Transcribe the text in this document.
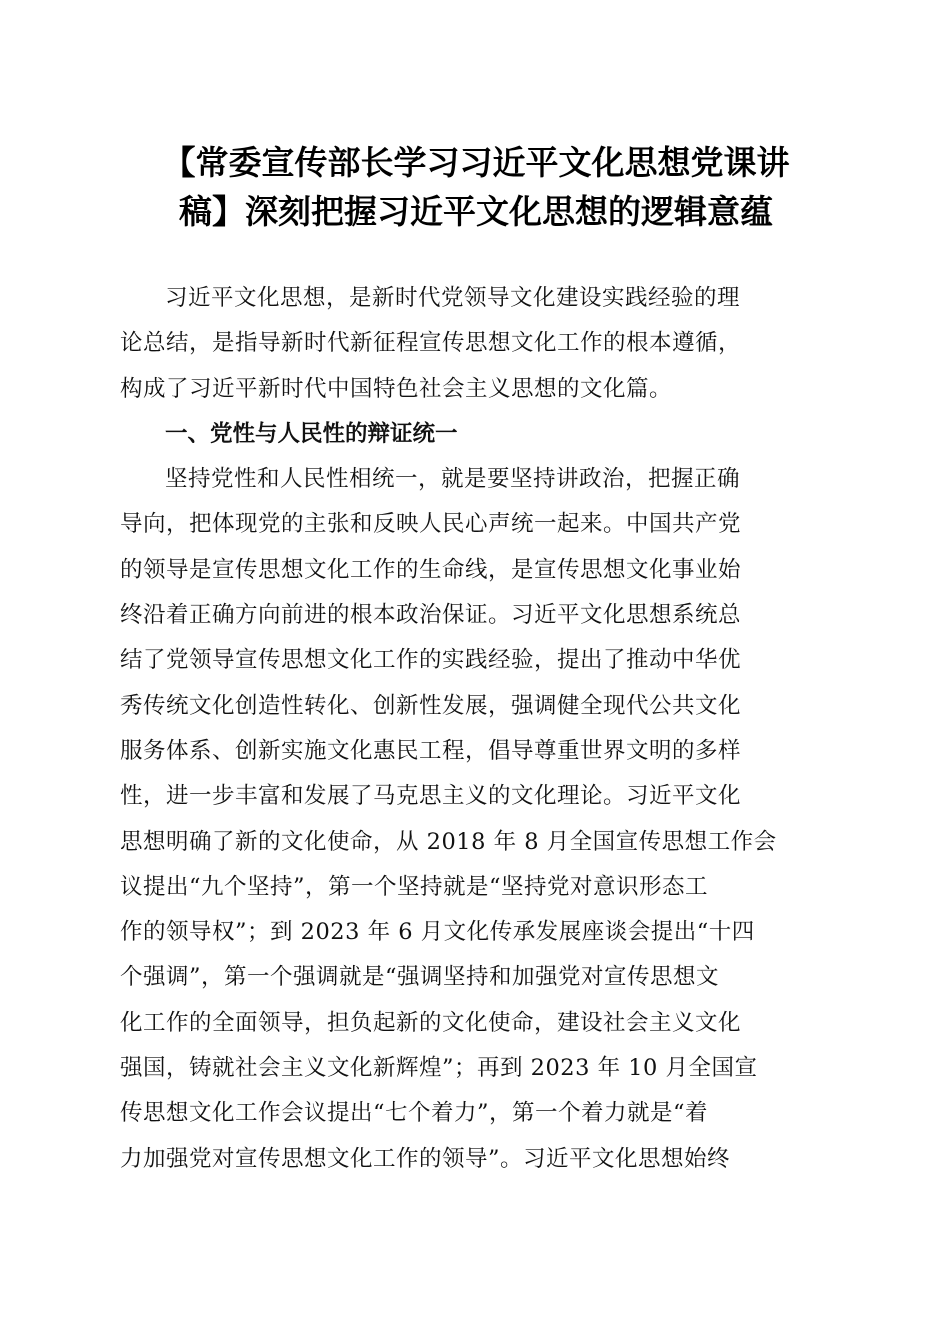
【常委宣传部长学习习近平文化思想党课讲
稿】深刻把握习近平文化思想的逻辑意蕴

习近平文化思想，是新时代党领导文化建设实践经验的理
论总结，是指导新时代新征程宣传思想文化工作的根本遵循，
构成了习近平新时代中国特色社会主义思想的文化篇。

一、党性与人民性的辩证统一

坚持党性和人民性相统一，就是要坚持讲政治，把握正确
导向，把体现党的主张和反映人民心声统一起来。中国共产党
的领导是宣传思想文化工作的生命线，是宣传思想文化事业始
终沿着正确方向前进的根本政治保证。习近平文化思想系统总
结了党领导宣传思想文化工作的实践经验，提出了推动中华优
秀传统文化创造性转化、创新性发展，强调健全现代公共文化
服务体系、创新实施文化惠民工程，倡导尊重世界文明的多样
性，进一步丰富和发展了马克思主义的文化理论。习近平文化
思想明确了新的文化使命，从 2018 年 8 月全国宣传思想工作会
议提出“九个坚持”，第一个坚持就是“坚持党对意识形态工
作的领导权”；到 2023 年 6 月文化传承发展座谈会提出“十四
个强调”，第一个强调就是“强调坚持和加强党对宣传思想文
化工作的全面领导，担负起新的文化使命，建设社会主义文化
强国，铸就社会主义文化新辉煌”；再到 2023 年 10 月全国宣
传思想文化工作会议提出“七个着力”，第一个着力就是“着
力加强党对宣传思想文化工作的领导”。习近平文化思想始终
